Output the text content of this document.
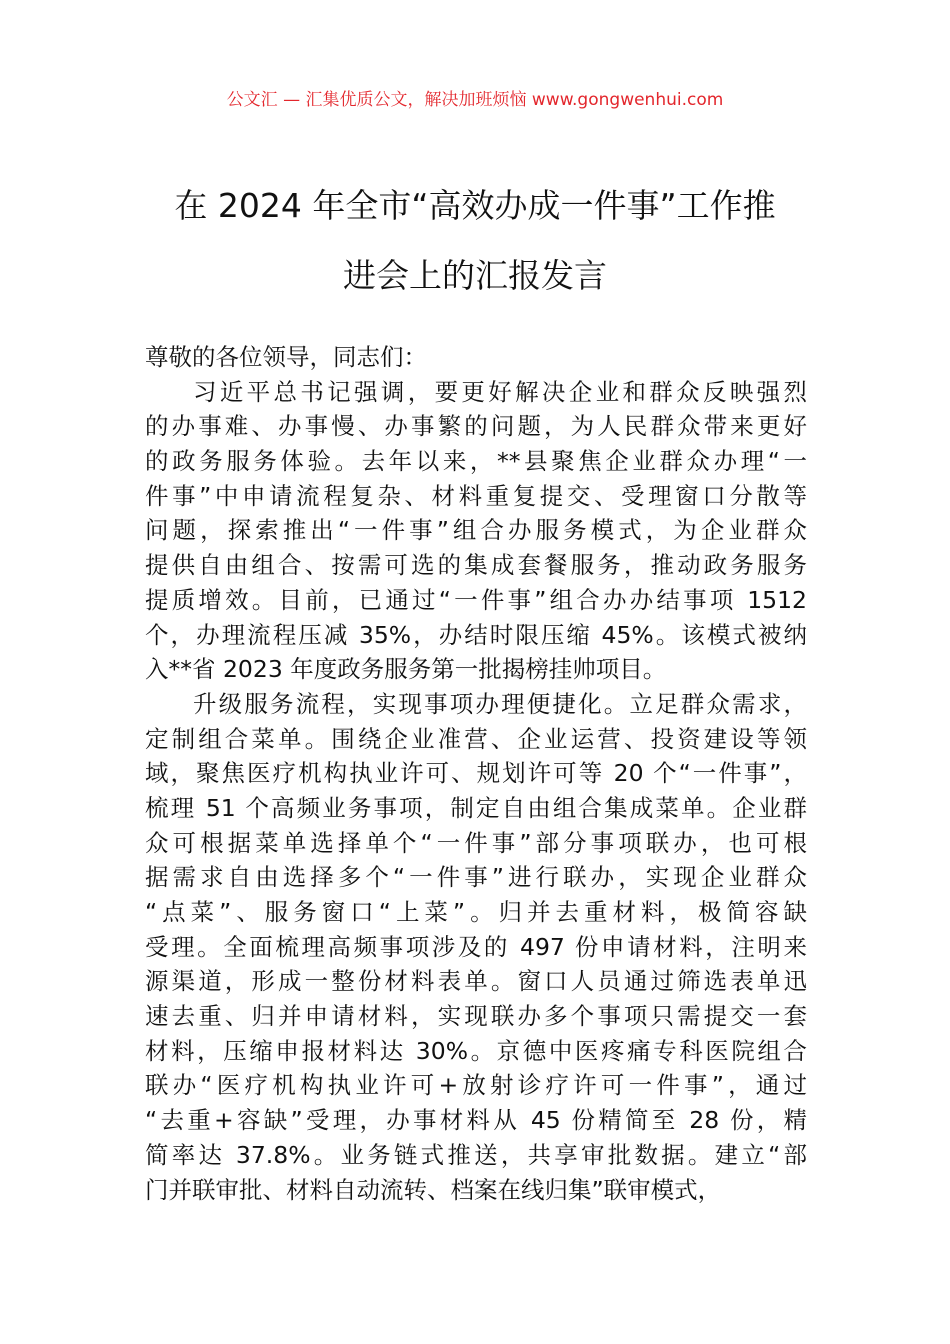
公文汇 — 汇集优质公文，解决加班烦恼 www.gongwenhui.com
在 2024 年全市“高效办成一件事”工作推
进会上的汇报发言
尊敬的各位领导，同志们：
习近平总书记强调，要更好解决企业和群众反映强烈
的办事难、办事慢、办事繁的问题，为人民群众带来更好
的政务服务体验。去年以来，**县聚焦企业群众办理“一
件事”中申请流程复杂、材料重复提交、受理窗口分散等
问题，探索推出“一件事”组合办服务模式，为企业群众
提供自由组合、按需可选的集成套餐服务，推动政务服务
提质增效。目前，已通过“一件事”组合办办结事项 1512
个，办理流程压减 35%，办结时限压缩 45%。该模式被纳
入**省 2023 年度政务服务第一批揭榜挂帅项目。
升级服务流程，实现事项办理便捷化。立足群众需求，
定制组合菜单。围绕企业准营、企业运营、投资建设等领
域，聚焦医疗机构执业许可、规划许可等 20 个“一件事”，
梳理 51 个高频业务事项，制定自由组合集成菜单。企业群
众可根据菜单选择单个“一件事”部分事项联办，也可根
据需求自由选择多个“一件事”进行联办，实现企业群众
“点菜”、服务窗口“上菜”。归并去重材料，极简容缺
受理。全面梳理高频事项涉及的 497 份申请材料，注明来
源渠道，形成一整份材料表单。窗口人员通过筛选表单迅
速去重、归并申请材料，实现联办多个事项只需提交一套
材料，压缩申报材料达 30%。京德中医疼痛专科医院组合
联办“医疗机构执业许可+放射诊疗许可一件事”，通过
“去重+容缺”受理，办事材料从 45 份精简至 28 份，精
简率达 37.8%。业务链式推送，共享审批数据。建立“部
门并联审批、材料自动流转、档案在线归集”联审模式，
